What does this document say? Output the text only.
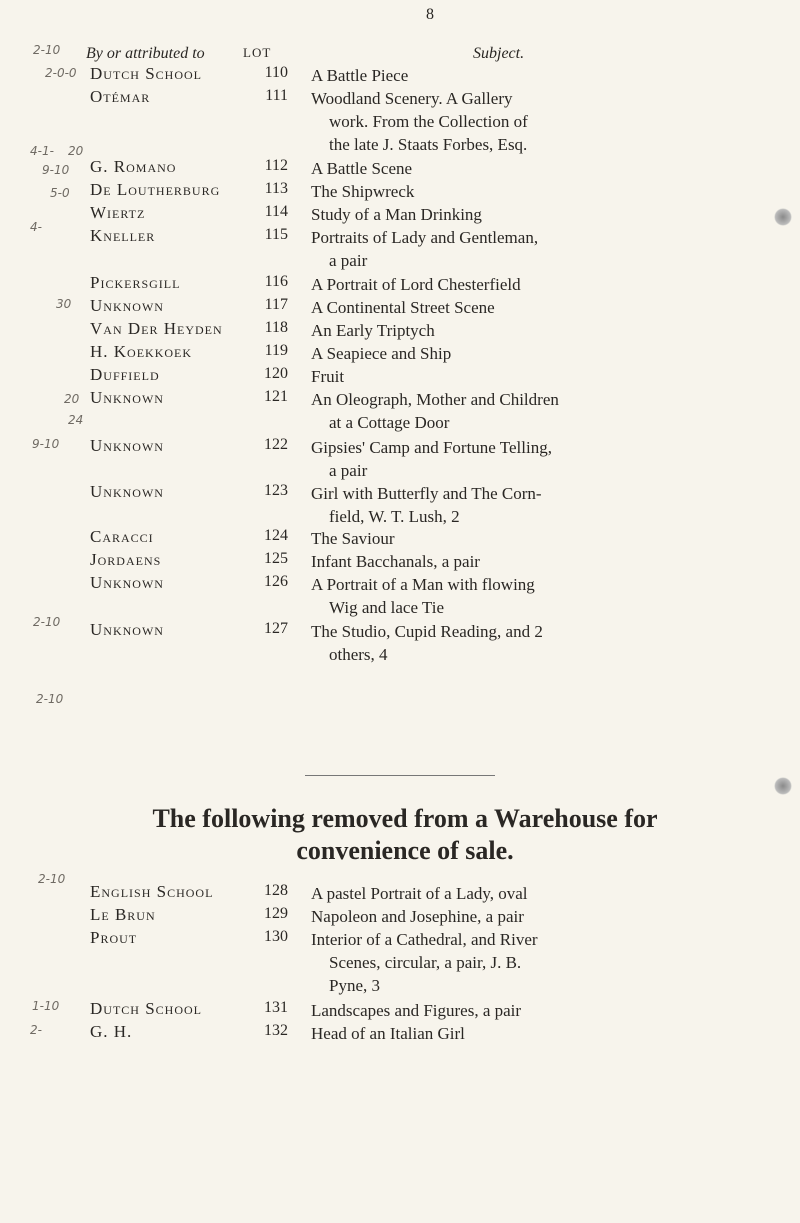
8
By or attributed to	LOT	Subject.
Dutch School	110 A Battle Piece
Otémar	111 Woodland Scenery. A Gallery
work. From the Collection of
the late J. Staats Forbes, Esq.
G. Romano	112 A Battle Scene
De Loutherburg	113 The Shipwreck
Wiertz	114 Study of a Man Drinking
Kneller	115 Portraits of Lady and Gentleman,
a pair
Pickersgill	116 A Portrait of Lord Chesterfield
Unknown	117 A Continental Street Scene
Van Der Heyden	118 An Early Triptych
H. Koekkoek	119 A Seapiece and Ship
Duffield	120 Fruit
Unknown	121 An Oleograph, Mother and Children
at a Cottage Door
Unknown	122 Gipsies' Camp and Fortune Telling,
a pair
Unknown	123 Girl with Butterfly and The Corn-
field, W. T. Lush, 2
Caracci	124 The Saviour
Jordaens	125 Infant Bacchanals, a pair
Unknown	126 A Portrait of a Man with flowing
Wig and lace Tie
Unknown	127 The Studio, Cupid Reading, and 2
others, 4
The following removed from a Warehouse for convenience of sale.
English School	128 A pastel Portrait of a Lady, oval
Le Brun	129 Napoleon and Josephine, a pair
Prout	130 Interior of a Cathedral, and River
Scenes, circular, a pair, J. B.
Pyne, 3
Dutch School	131 Landscapes and Figures, a pair
G. H.	132 Head of an Italian Girl
2-10
2-0-0
4-1- 20
9-10
5-0
4-
30
20
24
9-10
2-10
2-10
2-10
1-10
2-
